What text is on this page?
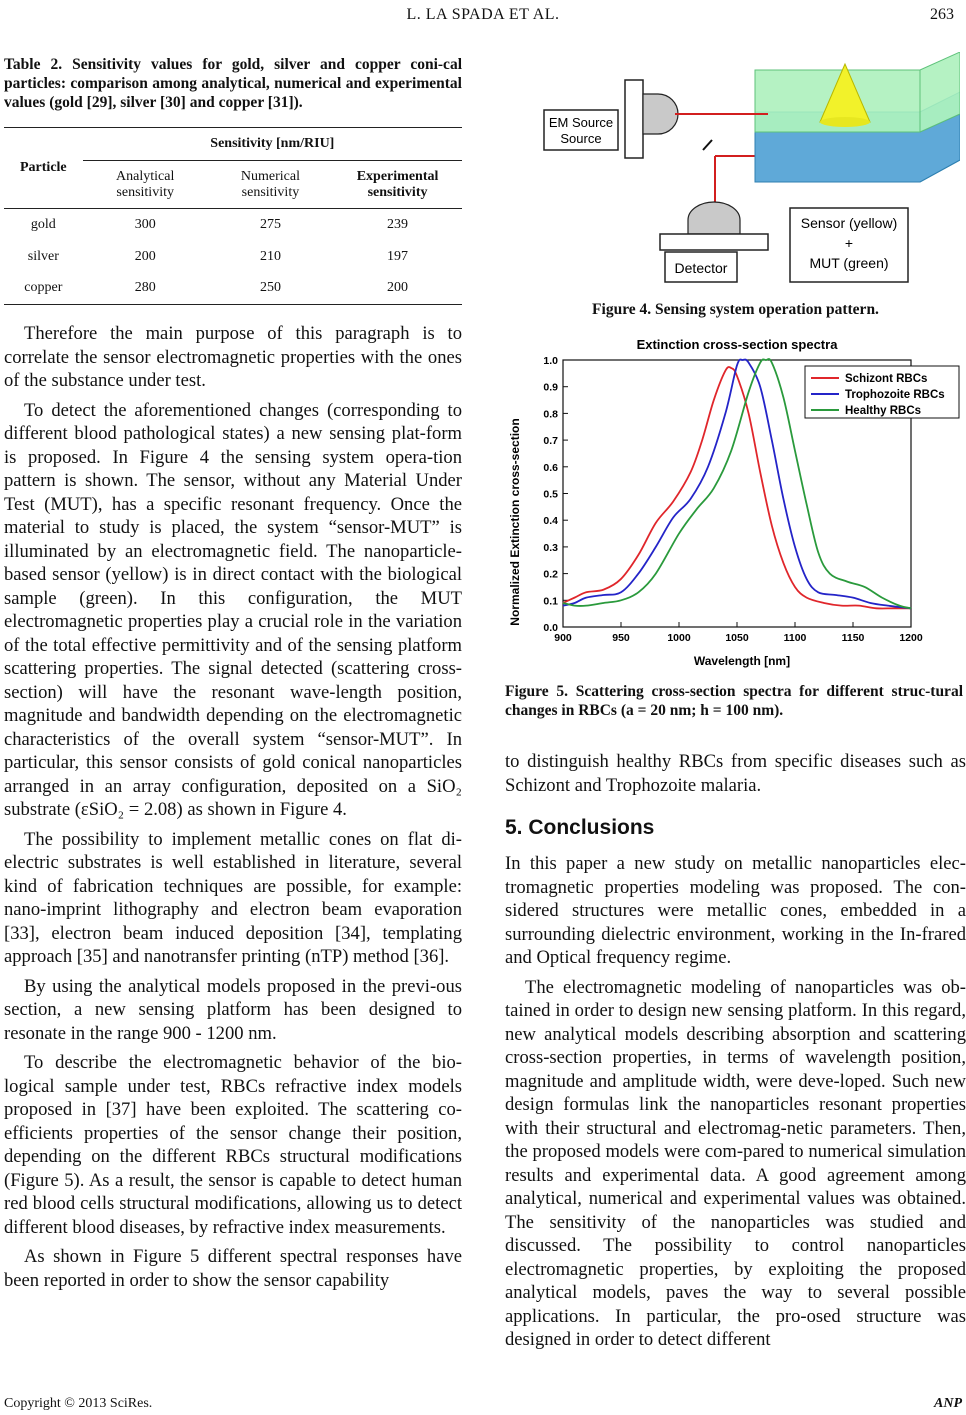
L. LA SPADA ET AL.	263
Table 2. Sensitivity values for gold, silver and copper coni-cal particles: comparison among analytical, numerical and experimental values (gold [29], silver [30] and copper [31]).
Particle	Sensitivity [nm/RIU]		
	Analytical sensitivity	Numerical sensitivity	Experimental sensitivity
gold	300	275	239
silver	200	210	197
copper	280	250	200

Therefore the main purpose of this paragraph is to correlate the sensor electromagnetic properties with the ones of the substance under test.

To detect the aforementioned changes (corresponding to different blood pathological states) a new sensing plat-form is proposed. In Figure 4 the sensing system opera-tion pattern is shown. The sensor, without any Material Under Test (MUT), has a specific resonant frequency. Once the material to study is placed, the system “sensor-MUT” is illuminated by an electromagnetic field. The nanoparticle-based sensor (yellow) is in direct contact with the biological sample (green). In this configuration, the MUT electromagnetic properties play a crucial role in the variation of the total effective permittivity and of the sensing platform scattering properties. The signal detected (scattering cross-section) will have the resonant wave-length position, magnitude and bandwidth depending on the electromagnetic characteristics of the overall system “sensor-MUT”. In particular, this sensor consists of gold conical nanoparticles arranged in an array configuration, deposited on a SiO₂ substrate (εSiO₂ = 2.08) as shown in Figure 4.

The possibility to implement metallic cones on flat di-electric substrates is well established in literature, several kind of fabrication techniques are possible, for example: nano-imprint lithography and electron beam evaporation [33], electron beam induced deposition [34], templating approach [35] and nanotransfer printing (nTP) method [36].

By using the analytical models proposed in the previ-ous section, a new sensing platform has been designed to resonate in the range 900 - 1200 nm.

To describe the electromagnetic behavior of the bio-logical sample under test, RBCs refractive index models proposed in [37] have been exploited. The scattering co-efficients properties of the sensor change their position, depending on the different RBCs structural modifications (Figure 5). As a result, the sensor is capable to detect human red blood cells structural modifications, allowing us to detect different blood diseases, by refractive index measurements.

As shown in Figure 5 different spectral responses have been reported in order to show the sensor capability

EM Source
Detector
Sensor (yellow)
+
MUT (green)
Source
Figure 4. Sensing system operation pattern.
Extinction cross-section spectra
900	950	1000	1050	1100	1150	1200
0.0
0.1
0.2
0.3
0.4
0.5
0.6
0.7
0.8
0.9
1.0
Schizont RBCs
Trophozoite RBCs
Healthy RBCs
Wavelength [nm]
Normalized Extinction cross-section
Figure 5. Scattering cross-section spectra for different struc-tural changes in RBCs (a = 20 nm; h = 100 nm).

to distinguish healthy RBCs from specific diseases such as Schizont and Trophozoite malaria.

5. Conclusions

In this paper a new study on metallic nanoparticles elec-tromagnetic properties modeling was proposed. The con-sidered structures were metallic cones, embedded in a surrounding dielectric environment, working in the In-frared and Optical frequency regime.

The electromagnetic modeling of nanoparticles was ob-tained in order to design new sensing platform. In this regard, new analytical models describing absorption and scattering cross-section properties, in terms of wavelength position, magnitude and amplitude width, were deve-loped. Such new design formulas link the nanoparticles resonant properties with their structural and electromag-netic parameters. Then, the proposed models were com-pared to numerical simulation results and experimental data. A good agreement among analytical, numerical and experimental values was obtained. The sensitivity of the nanoparticles was studied and discussed. The possibility to control nanoparticles electromagnetic properties, by exploiting the proposed analytical models, paves the way to several possible applications. In particular, the pro-osed structure was designed in order to detect different

Copyright © 2013 SciRes.	ANP
